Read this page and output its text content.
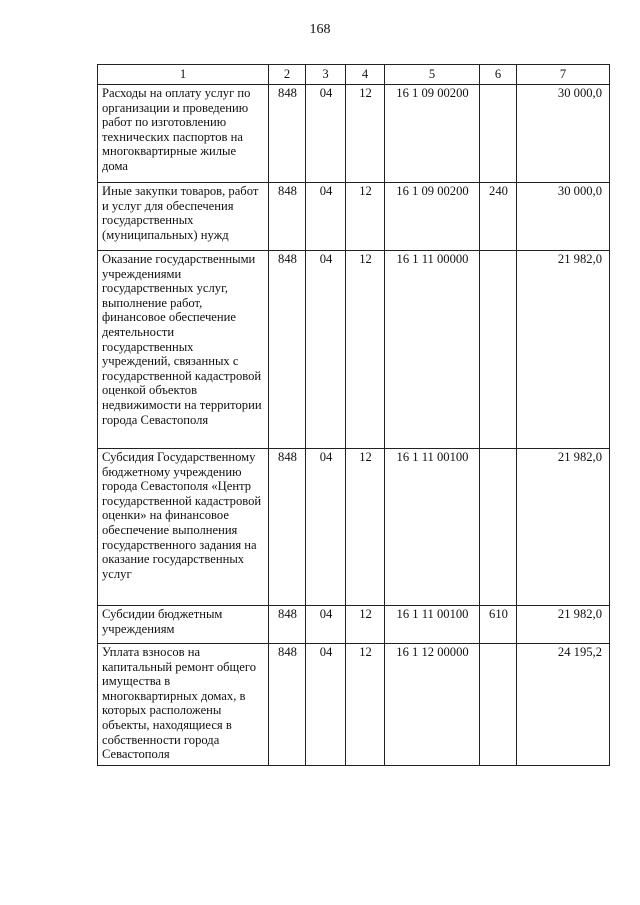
168
1	2	3	4	5	6	7
Расходы на оплату услуг по организации и проведению работ по изготовлению технических паспортов на многоквартирные жилые дома	848	04	12	16 1 09 00200		30 000,0
Иные закупки товаров, работ и услуг для обеспечения государственных (муниципальных) нужд	848	04	12	16 1 09 00200	240	30 000,0
Оказание государственными учреждениями государственных услуг, выполнение работ, финансовое обеспечение деятельности государственных учреждений, связанных с государственной кадастровой оценкой объектов недвижимости на территории города Севастополя	848	04	12	16 1 11 00000		21 982,0
Субсидия Государственному бюджетному учреждению города Севастополя «Центр государственной кадастровой оценки» на финансовое обеспечение выполнения государственного задания на оказание государственных услуг	848	04	12	16 1 11 00100		21 982,0
Субсидии бюджетным учреждениям	848	04	12	16 1 11 00100	610	21 982,0
Уплата взносов на капитальный ремонт общего имущества в многоквартирных домах, в которых расположены объекты, находящиеся в собственности города Севастополя	848	04	12	16 1 12 00000		24 195,2
